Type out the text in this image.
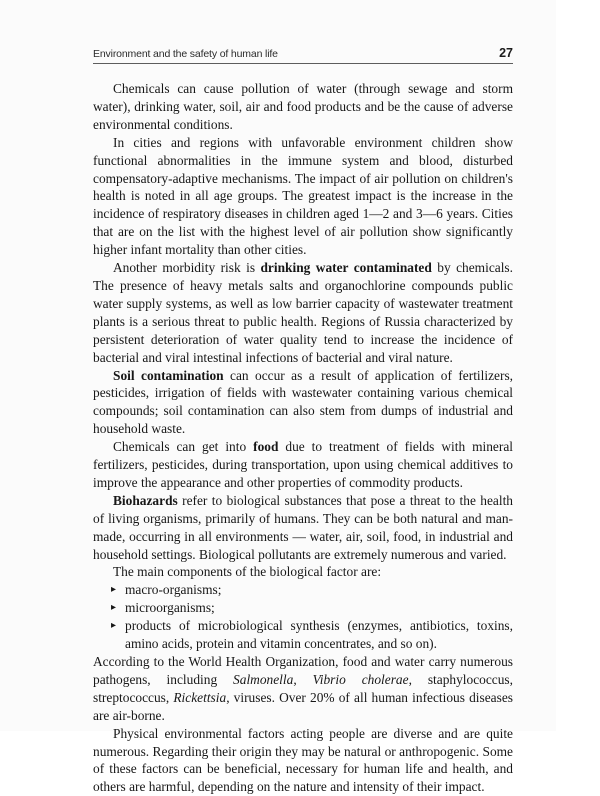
Environment and the safety of human life	27

Chemicals can cause pollution of water (through sewage and storm water), drinking water, soil, air and food products and be the cause of adverse environmental conditions.

In cities and regions with unfavorable environment children show functional abnormalities in the immune system and blood, disturbed compensatory-adaptive mechanisms. The impact of air pollution on children's health is noted in all age groups. The greatest impact is the increase in the incidence of respiratory diseases in children aged 1—2 and 3—6 years. Cities that are on the list with the highest level of air pollution show significantly higher infant mortality than other cities.

Another morbidity risk is drinking water contaminated by chemicals. The presence of heavy metals salts and organochlorine compounds public water supply systems, as well as low barrier capacity of wastewater treatment plants is a serious threat to public health. Regions of Russia characterized by persistent deterioration of water quality tend to increase the incidence of bacterial and viral intestinal infections of bacterial and viral nature.

Soil contamination can occur as a result of application of fertilizers, pesticides, irrigation of fields with wastewater containing various chemical compounds; soil contamination can also stem from dumps of industrial and household waste.

Chemicals can get into food due to treatment of fields with mineral fertilizers, pesticides, during transportation, upon using chemical additives to improve the appearance and other properties of commodity products.

Biohazards refer to biological substances that pose a threat to the health of living organisms, primarily of humans. They can be both natural and man-made, occurring in all environments — water, air, soil, food, in industrial and household settings. Biological pollutants are extremely numerous and varied.

The main components of the biological factor are:

▸ macro-organisms;
▸ microorganisms;
▸ products of microbiological synthesis (enzymes, antibiotics, toxins, amino acids, protein and vitamin concentrates, and so on).

According to the World Health Organization, food and water carry numerous pathogens, including Salmonella, Vibrio cholerae, staphylococcus, streptococcus, Rickettsia, viruses. Over 20% of all human infectious diseases are air-borne.

Physical environmental factors acting people are diverse and are quite numerous. Regarding their origin they may be natural or anthropogenic. Some of these factors can be beneficial, necessary for human life and health, and others are harmful, depending on the nature and intensity of their impact.
